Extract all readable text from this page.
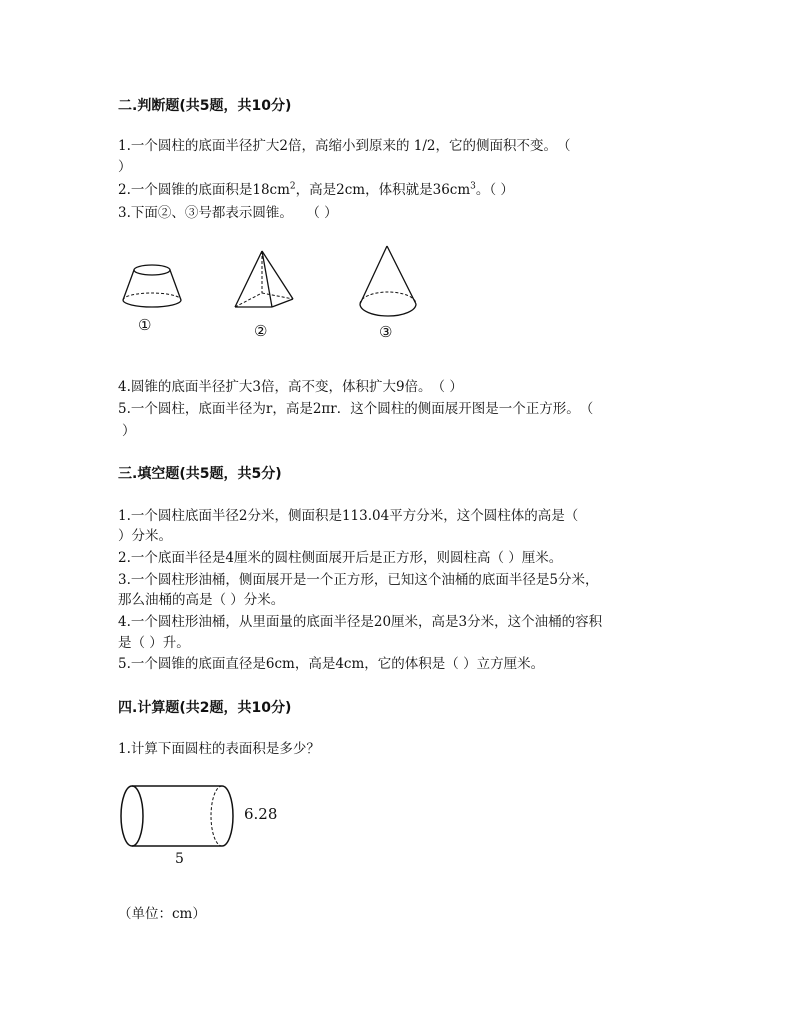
二.判断题(共5题，共10分)
1.一个圆柱的底面半径扩大2倍，高缩小到原来的 1/2，它的侧面积不变。　（
）
2.一个圆锥的底面积是$18cm^2$，高是2cm，体积就是$36cm^3$。（ ）
3.下面②、③号都表示圆锥。　　（ ）
①	②	③
4.圆锥的底面半径扩大3倍，高不变，体积扩大9倍。　（ ）
5.一个圆柱，底面半径为r，高是2πr．这个圆柱的侧面展开图是一个正方形。　（
）
三.填空题(共5题，共5分)
1.一个圆柱底面半径2分米，侧面积是113.04平方分米，这个圆柱体的高是（
）分米。
2.一个底面半径是4厘米的圆柱侧面展开后是正方形，则圆柱高（ ）厘米。
3.一个圆柱形油桶，侧面展开是一个正方形，已知这个油桶的底面半径是5分米，
那么油桶的高是（ ）分米。
4.一个圆柱形油桶，从里面量的底面半径是20厘米，高是3分米，这个油桶的容积
是（ ）升。
5.一个圆锥的底面直径是6cm，高是4cm，它的体积是（ ）立方厘米。
四.计算题(共2题，共10分)
1.计算下面圆柱的表面积是多少？
6.28
5
（单位：cm）
